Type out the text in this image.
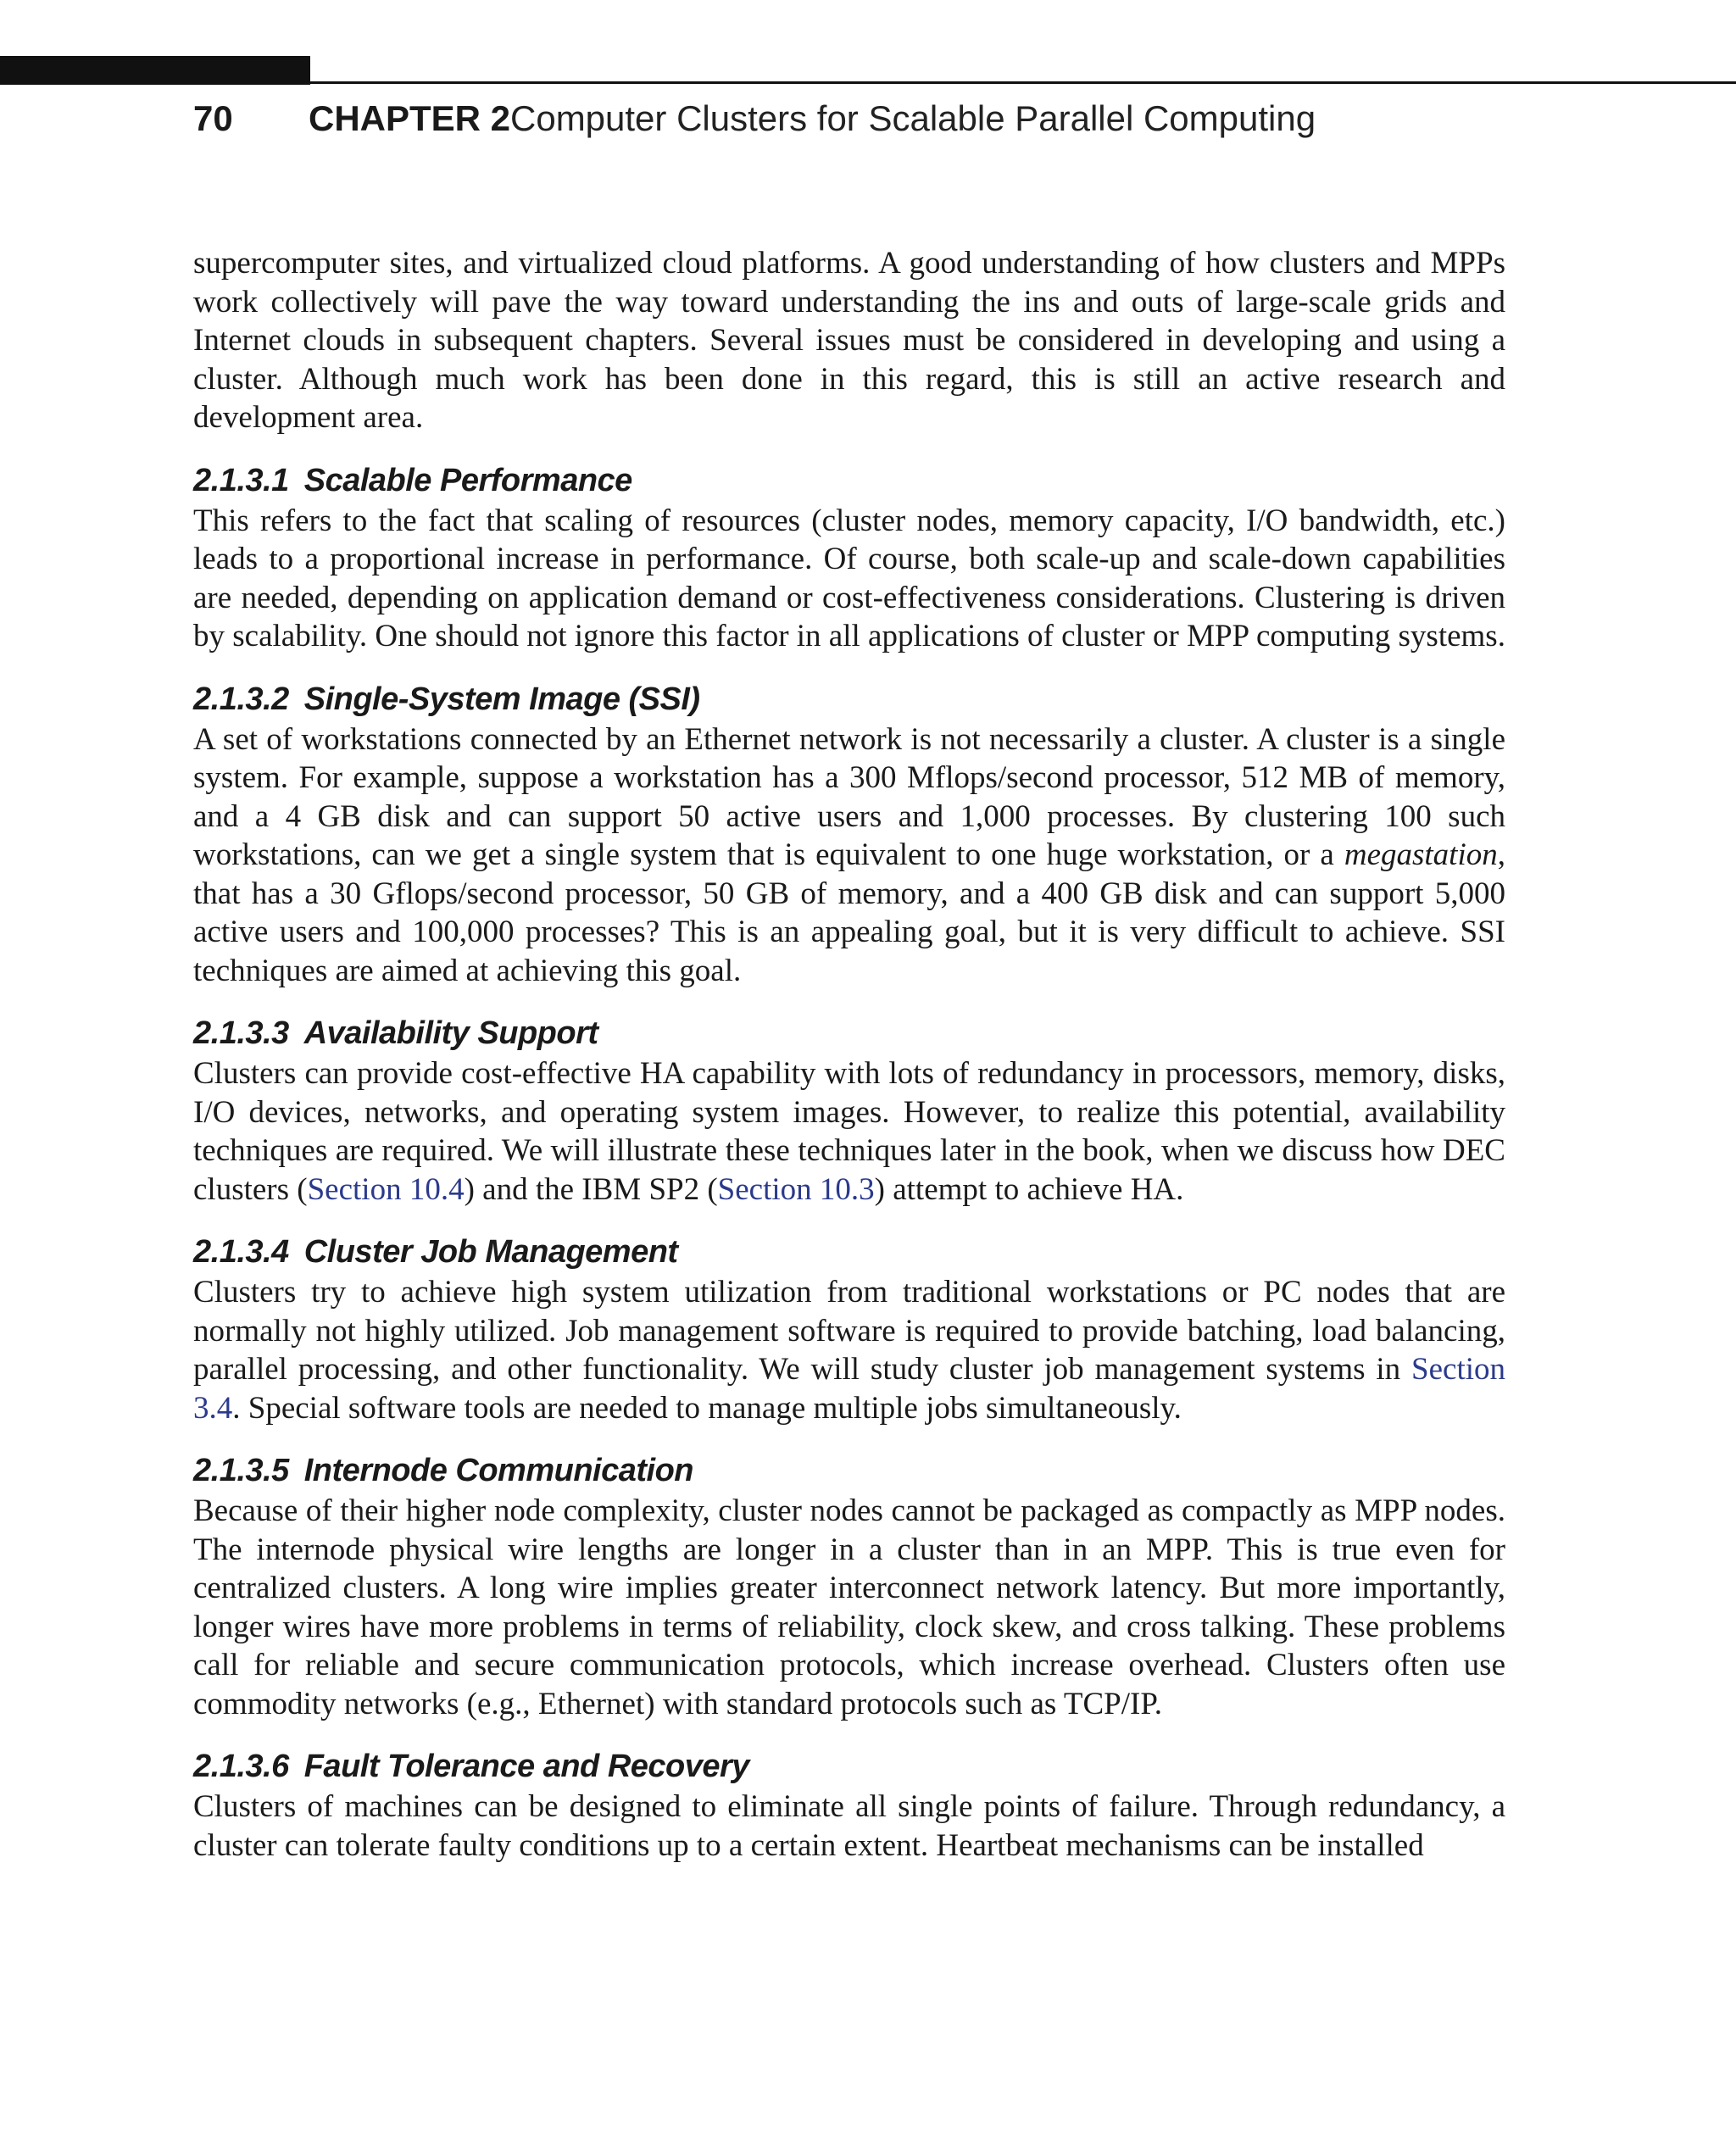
70 CHAPTER 2 Computer Clusters for Scalable Parallel Computing

supercomputer sites, and virtualized cloud platforms. A good understanding of how clusters and MPPs work collectively will pave the way toward understanding the ins and outs of large-scale grids and Internet clouds in subsequent chapters. Several issues must be considered in developing and using a cluster. Although much work has been done in this regard, this is still an active research and development area.

2.1.3.1 Scalable Performance

This refers to the fact that scaling of resources (cluster nodes, memory capacity, I/O bandwidth, etc.) leads to a proportional increase in performance. Of course, both scale-up and scale-down capabilities are needed, depending on application demand or cost-effectiveness considerations. Clustering is driven by scalability. One should not ignore this factor in all applications of cluster or MPP computing systems.

2.1.3.2 Single-System Image (SSI)

A set of workstations connected by an Ethernet network is not necessarily a cluster. A cluster is a single system. For example, suppose a workstation has a 300 Mflops/second processor, 512 MB of memory, and a 4 GB disk and can support 50 active users and 1,000 processes. By clustering 100 such workstations, can we get a single system that is equivalent to one huge workstation, or a megastation, that has a 30 Gflops/second processor, 50 GB of memory, and a 400 GB disk and can support 5,000 active users and 100,000 processes? This is an appealing goal, but it is very difficult to achieve. SSI techniques are aimed at achieving this goal.

2.1.3.3 Availability Support

Clusters can provide cost-effective HA capability with lots of redundancy in processors, memory, disks, I/O devices, networks, and operating system images. However, to realize this potential, availability techniques are required. We will illustrate these techniques later in the book, when we discuss how DEC clusters (Section 10.4) and the IBM SP2 (Section 10.3) attempt to achieve HA.

2.1.3.4 Cluster Job Management

Clusters try to achieve high system utilization from traditional workstations or PC nodes that are normally not highly utilized. Job management software is required to provide batching, load balancing, parallel processing, and other functionality. We will study cluster job management systems in Section 3.4. Special software tools are needed to manage multiple jobs simultaneously.

2.1.3.5 Internode Communication

Because of their higher node complexity, cluster nodes cannot be packaged as compactly as MPP nodes. The internode physical wire lengths are longer in a cluster than in an MPP. This is true even for centralized clusters. A long wire implies greater interconnect network latency. But more importantly, longer wires have more problems in terms of reliability, clock skew, and cross talking. These problems call for reliable and secure communication protocols, which increase overhead. Clusters often use commodity networks (e.g., Ethernet) with standard protocols such as TCP/IP.

2.1.3.6 Fault Tolerance and Recovery

Clusters of machines can be designed to eliminate all single points of failure. Through redundancy, a cluster can tolerate faulty conditions up to a certain extent. Heartbeat mechanisms can be installed
